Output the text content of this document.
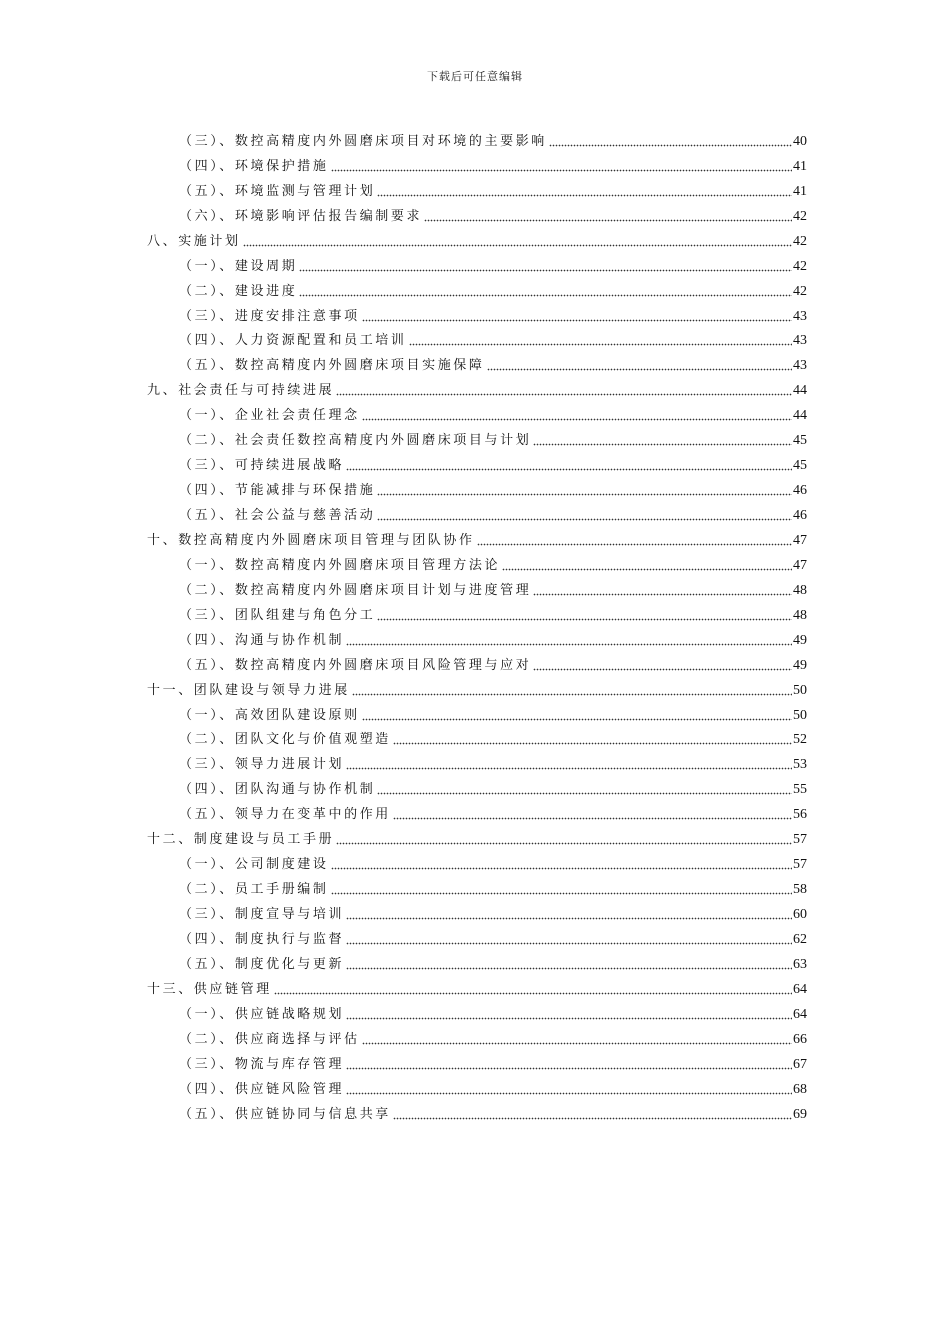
下载后可任意编辑
（三）、数控高精度内外圆磨床项目对环境的主要影响	40
（四）、环境保护措施	41
（五）、环境监测与管理计划	41
（六）、环境影响评估报告编制要求	42
八、实施计划	42
（一）、建设周期	42
（二）、建设进度	42
（三）、进度安排注意事项	43
（四）、人力资源配置和员工培训	43
（五）、数控高精度内外圆磨床项目实施保障	43
九、社会责任与可持续进展	44
（一）、企业社会责任理念	44
（二）、社会责任数控高精度内外圆磨床项目与计划	45
（三）、可持续进展战略	45
（四）、节能减排与环保措施	46
（五）、社会公益与慈善活动	46
十、数控高精度内外圆磨床项目管理与团队协作	47
（一）、数控高精度内外圆磨床项目管理方法论	47
（二）、数控高精度内外圆磨床项目计划与进度管理	48
（三）、团队组建与角色分工	48
（四）、沟通与协作机制	49
（五）、数控高精度内外圆磨床项目风险管理与应对	49
十一、团队建设与领导力进展	50
（一）、高效团队建设原则	50
（二）、团队文化与价值观塑造	52
（三）、领导力进展计划	53
（四）、团队沟通与协作机制	55
（五）、领导力在变革中的作用	56
十二、制度建设与员工手册	57
（一）、公司制度建设	57
（二）、员工手册编制	58
（三）、制度宣导与培训	60
（四）、制度执行与监督	62
（五）、制度优化与更新	63
十三、供应链管理	64
（一）、供应链战略规划	64
（二）、供应商选择与评估	66
（三）、物流与库存管理	67
（四）、供应链风险管理	68
（五）、供应链协同与信息共享	69
